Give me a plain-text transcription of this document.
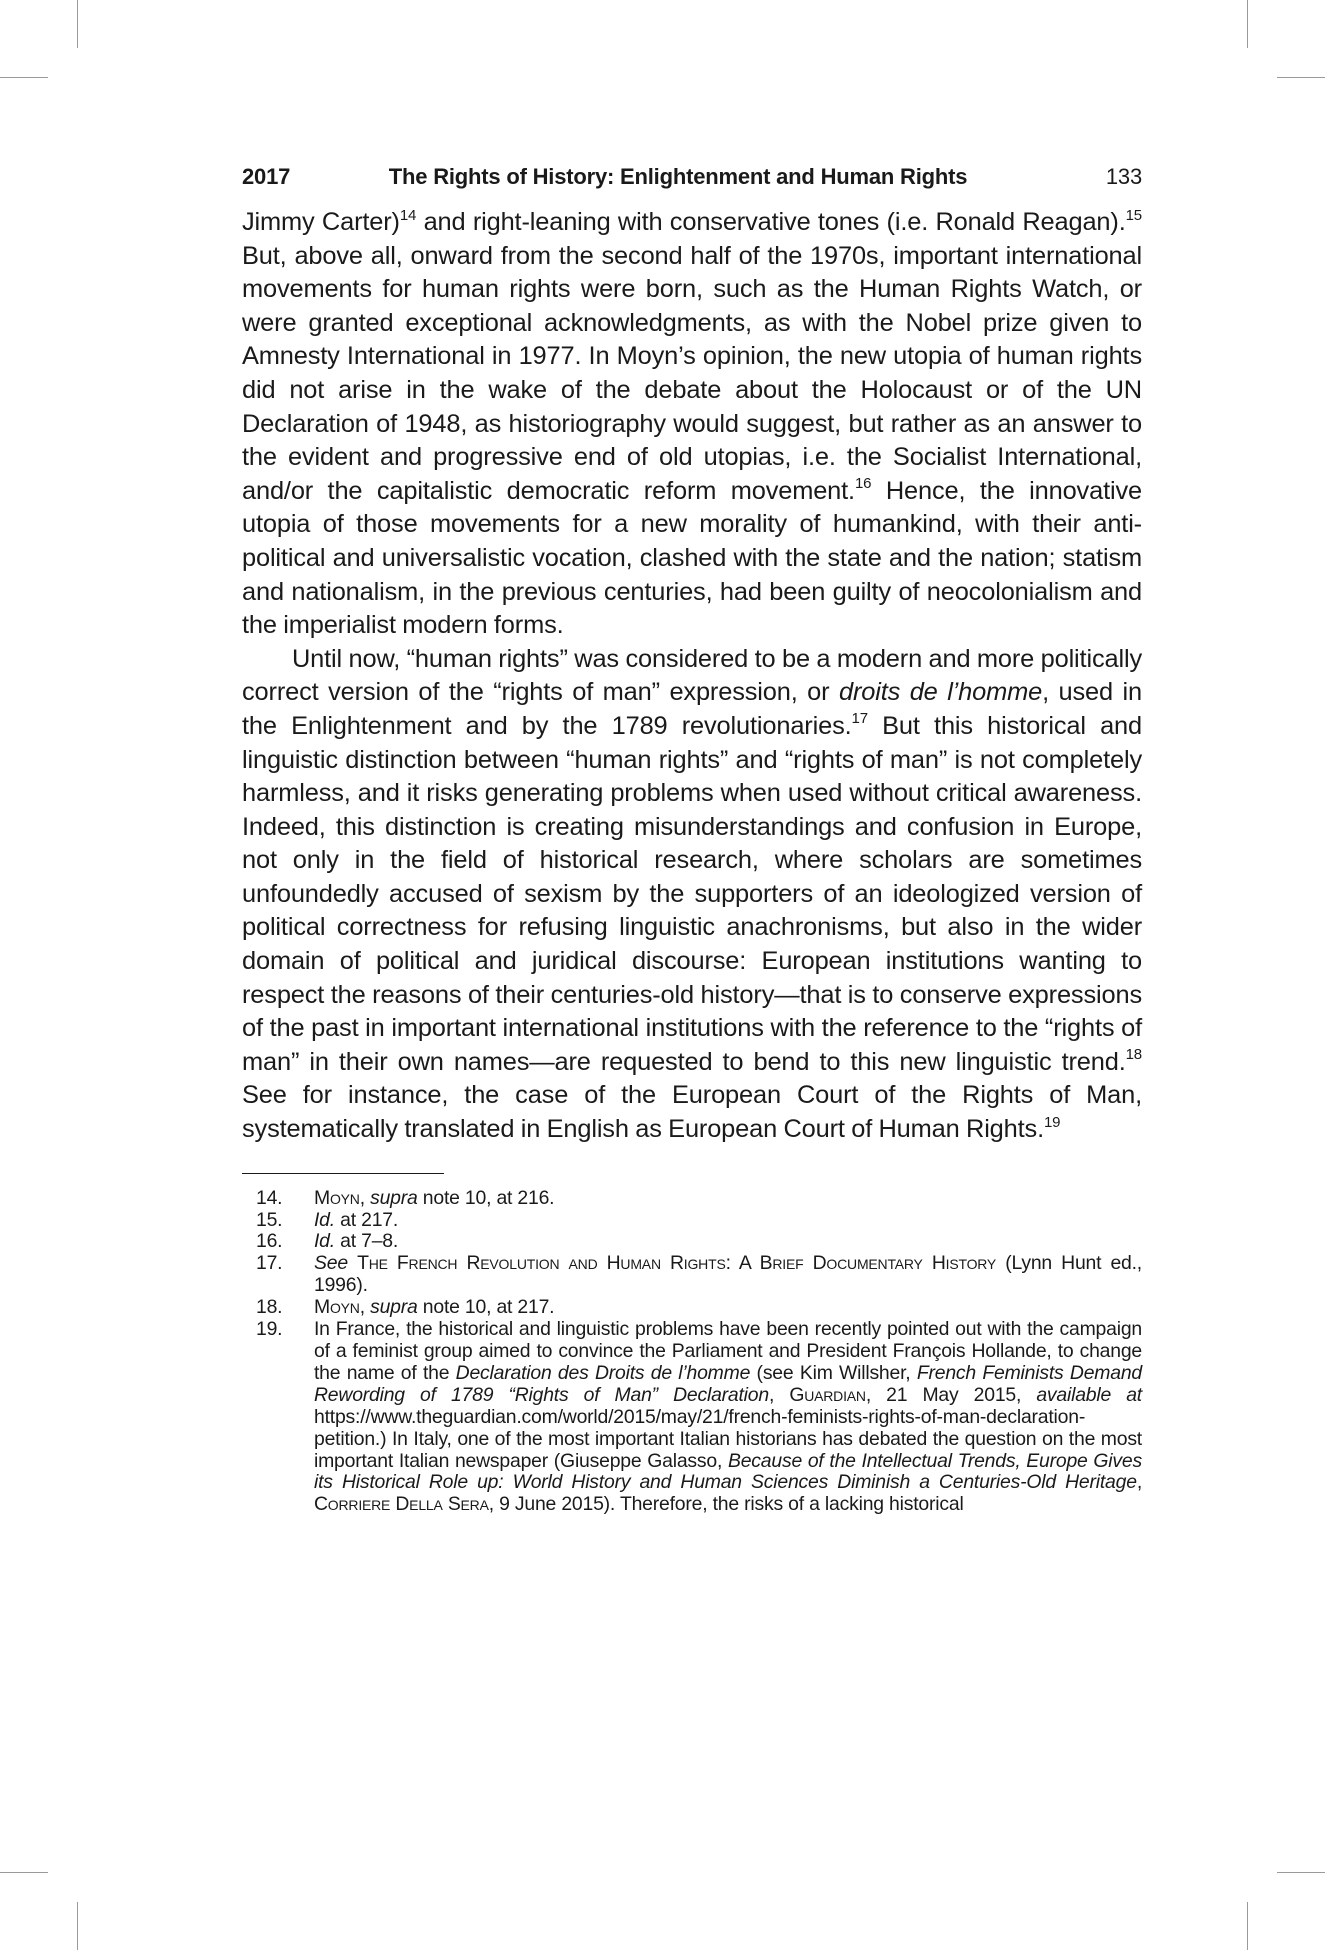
2017	The Rights of History: Enlightenment and Human Rights	133

Jimmy Carter)$^{14}$ and right-leaning with conservative tones (i.e. Ronald Reagan).$^{15}$ But, above all, onward from the second half of the 1970s, important international movements for human rights were born, such as the Human Rights Watch, or were granted exceptional acknowledgments, as with the Nobel prize given to Amnesty International in 1977. In Moyn’s opinion, the new utopia of human rights did not arise in the wake of the debate about the Holocaust or of the UN Declaration of 1948, as historiography would suggest, but rather as an answer to the evident and progressive end of old utopias, i.e. the Socialist International, and/or the capitalistic democratic reform movement.$^{16}$ Hence, the innovative utopia of those movements for a new morality of humankind, with their anti-political and universalistic vocation, clashed with the state and the nation; statism and nationalism, in the previous centuries, had been guilty of neocolonialism and the imperialist modern forms.

Until now, “human rights” was considered to be a modern and more politically correct version of the “rights of man” expression, or droits de l’homme, used in the Enlightenment and by the 1789 revolutionaries.$^{17}$ But this historical and linguistic distinction between “human rights” and “rights of man” is not completely harmless, and it risks generating problems when used without critical awareness. Indeed, this distinction is creating misunderstandings and confusion in Europe, not only in the field of historical research, where scholars are sometimes unfoundedly accused of sexism by the supporters of an ideologized version of political correctness for refusing linguistic anachronisms, but also in the wider domain of political and juridical discourse: European institutions wanting to respect the reasons of their centuries-old history—that is to conserve expressions of the past in important international institutions with the reference to the “rights of man” in their own names—are requested to bend to this new linguistic trend.$^{18}$ See for instance, the case of the European Court of the Rights of Man, systematically translated in English as European Court of Human Rights.$^{19}$

14.	Moyn, supra note 10, at 216.
15.	Id. at 217.
16.	Id. at 7–8.
17.	See The French Revolution and Human Rights: A Brief Documentary History (Lynn Hunt ed., 1996).
18.	Moyn, supra note 10, at 217.
19.	In France, the historical and linguistic problems have been recently pointed out with the campaign of a feminist group aimed to convince the Parliament and President François Hollande, to change the name of the Declaration des Droits de l’homme (see Kim Willsher, French Feminists Demand Rewording of 1789 “Rights of Man” Declaration, Guardian, 21 May 2015, available at https://www.theguardian.com/world/2015/may/21/french-feminists-rights-of-man-declaration-petition.) In Italy, one of the most important Italian historians has debated the question on the most important Italian newspaper (Giuseppe Galasso, Because of the Intellectual Trends, Europe Gives its Historical Role up: World History and Human Sciences Diminish a Centuries-Old Heritage, Corriere Della Sera, 9 June 2015). Therefore, the risks of a lacking historical
